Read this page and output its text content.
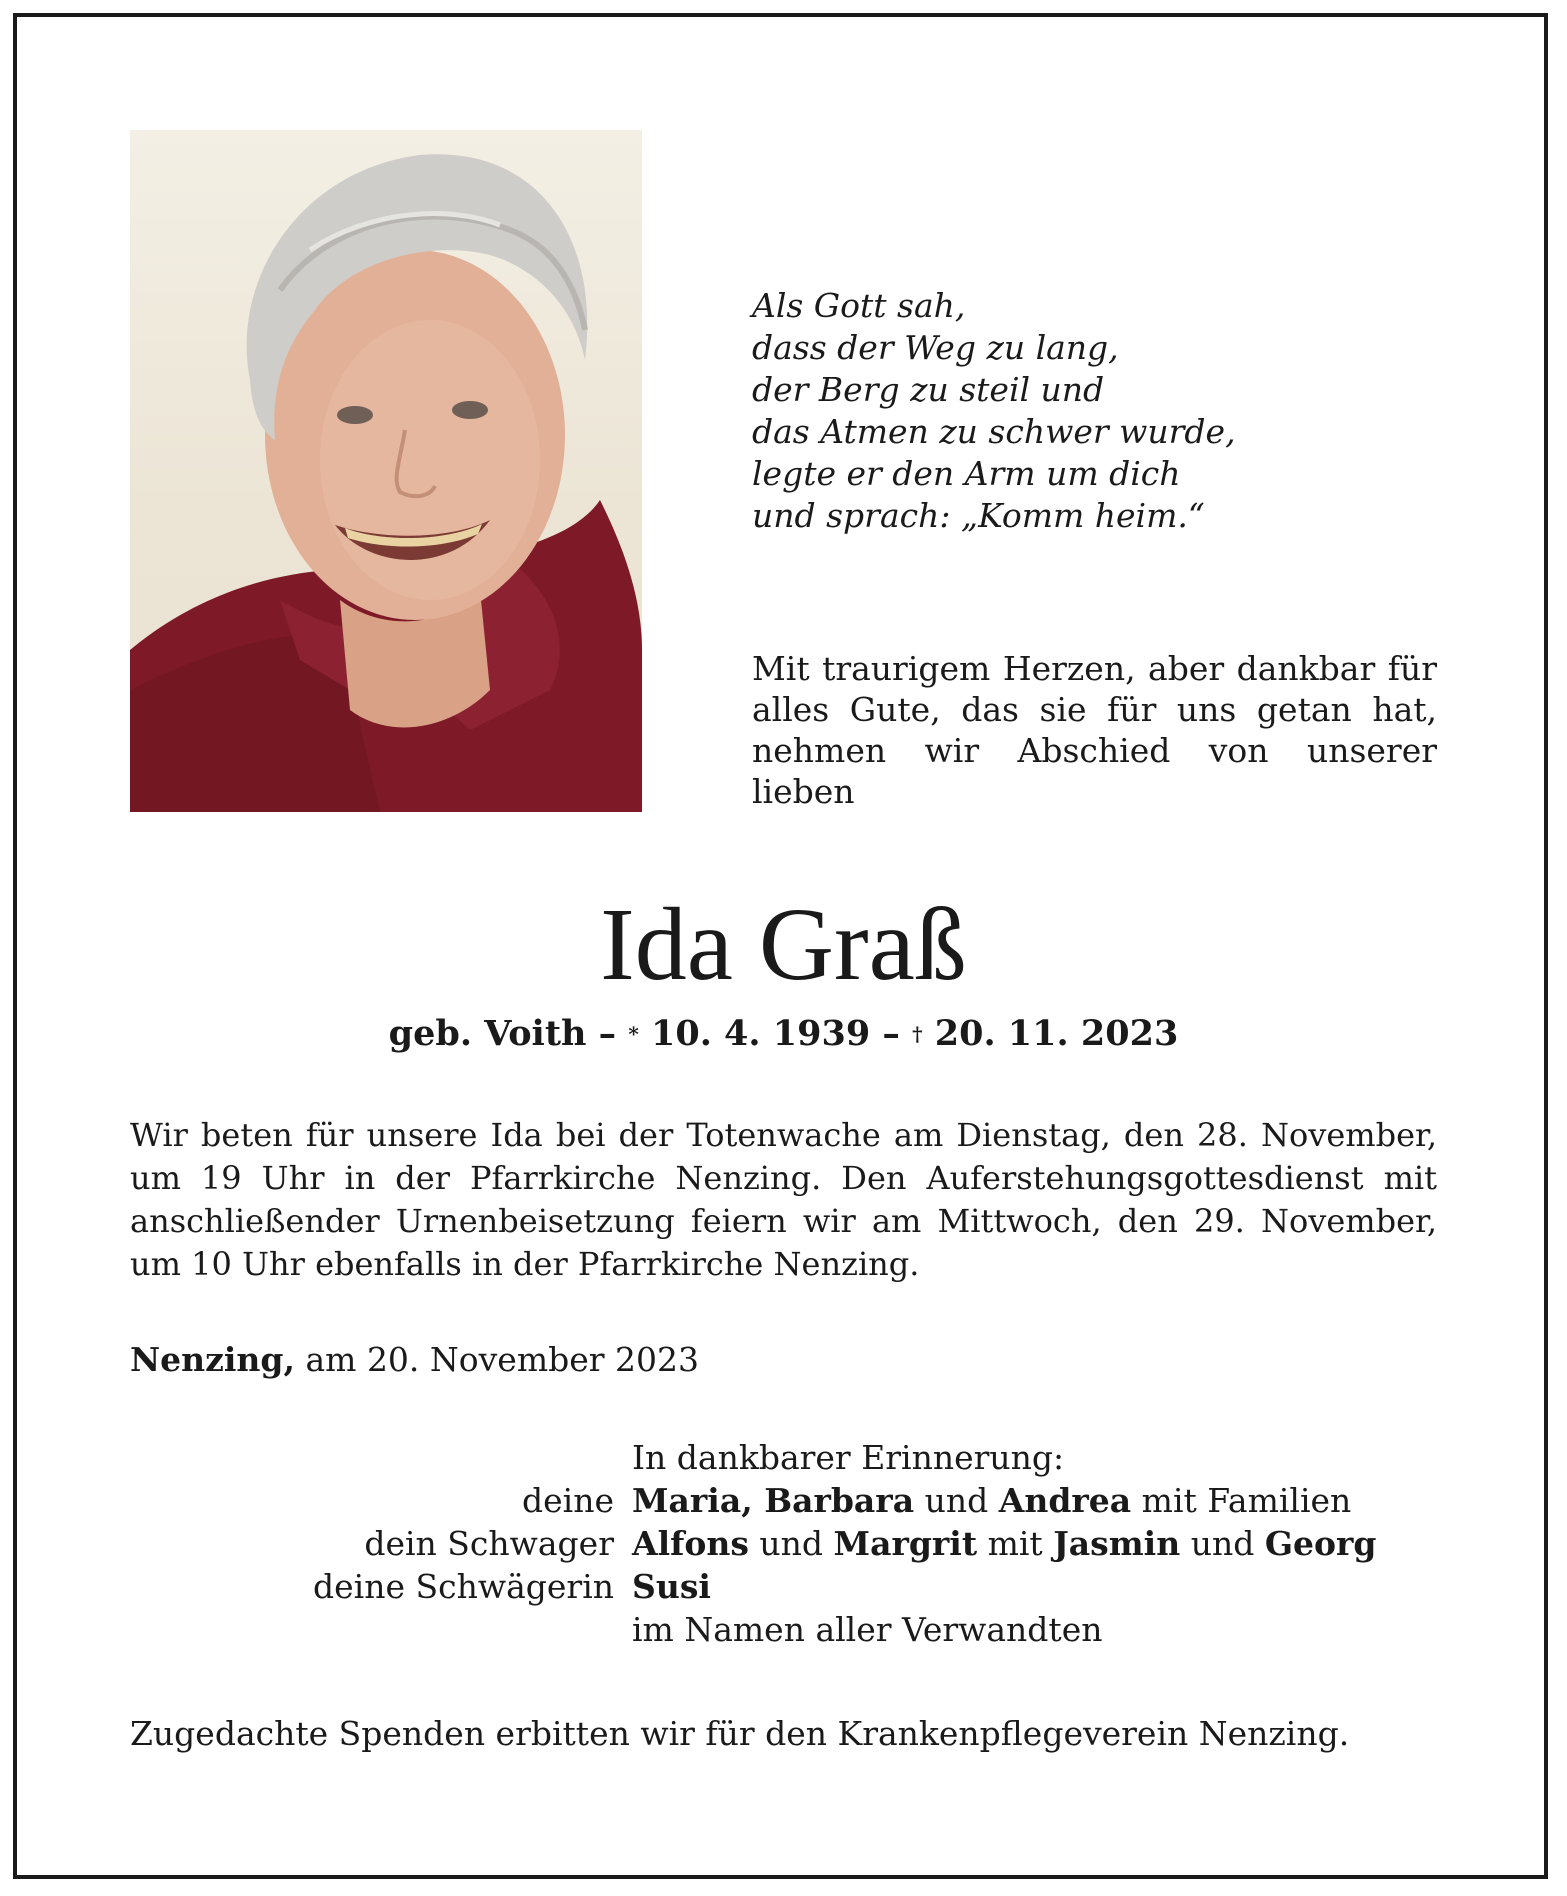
Als Gott sah,
dass der Weg zu lang,
der Berg zu steil und
das Atmen zu schwer wurde,
legte er den Arm um dich
und sprach: „Komm heim.“
Mit traurigem Herzen, aber dankbar für alles Gute, das sie für uns getan hat, nehmen wir Abschied von unserer lieben
Ida Graß
geb. Voith – * 10. 4. 1939 – † 20. 11. 2023
Wir beten für unsere Ida bei der Totenwache am Dienstag, den 28. November, um 19 Uhr in der Pfarrkirche Nenzing. Den Auferstehungsgottesdienst mit anschließender Urnenbeisetzung feiern wir am Mittwoch, den 29. November, um 10 Uhr ebenfalls in der Pfarrkirche Nenzing.
Nenzing, am 20. November 2023
In dankbarer Erinnerung:
deine Maria, Barbara und Andrea mit Familien
dein Schwager Alfons und Margrit mit Jasmin und Georg
deine Schwägerin Susi
im Namen aller Verwandten
Zugedachte Spenden erbitten wir für den Krankenpflegeverein Nenzing.
